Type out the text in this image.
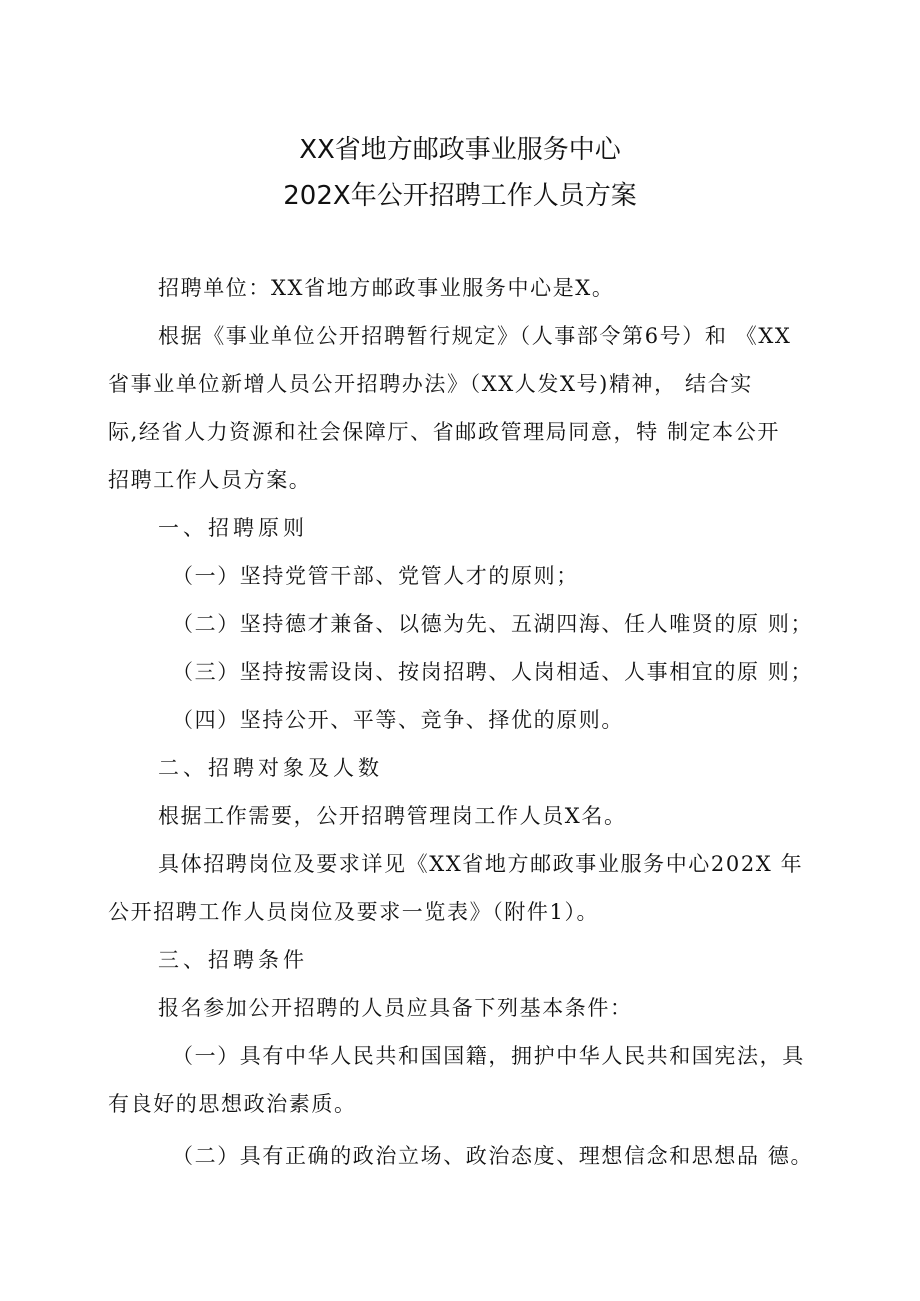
XX省地方邮政事业服务中心
202X年公开招聘工作人员方案
招聘单位：XX省地方邮政事业服务中心是X。
根据《事业单位公开招聘暂行规定》（人事部令第6号）和 《XX
省事业单位新增人员公开招聘办法》（XX人发X号)精神， 结合实
际,经省人力资源和社会保障厅、省邮政管理局同意，特 制定本公开
招聘工作人员方案。
一、招聘原则
（一）坚持党管干部、党管人才的原则；
（二）坚持德才兼备、以德为先、五湖四海、任人唯贤的原 则；
（三）坚持按需设岗、按岗招聘、人岗相适、人事相宜的原 则；
（四）坚持公开、平等、竞争、择优的原则。
二、招聘对象及人数
根据工作需要，公开招聘管理岗工作人员X名。
具体招聘岗位及要求详见《XX省地方邮政事业服务中心202X 年
公开招聘工作人员岗位及要求一览表》（附件1）。
三、招聘条件
报名参加公开招聘的人员应具备下列基本条件：
（一）具有中华人民共和国国籍，拥护中华人民共和国宪法，具
有良好的思想政治素质。
（二）具有正确的政治立场、政治态度、理想信念和思想品 德。
